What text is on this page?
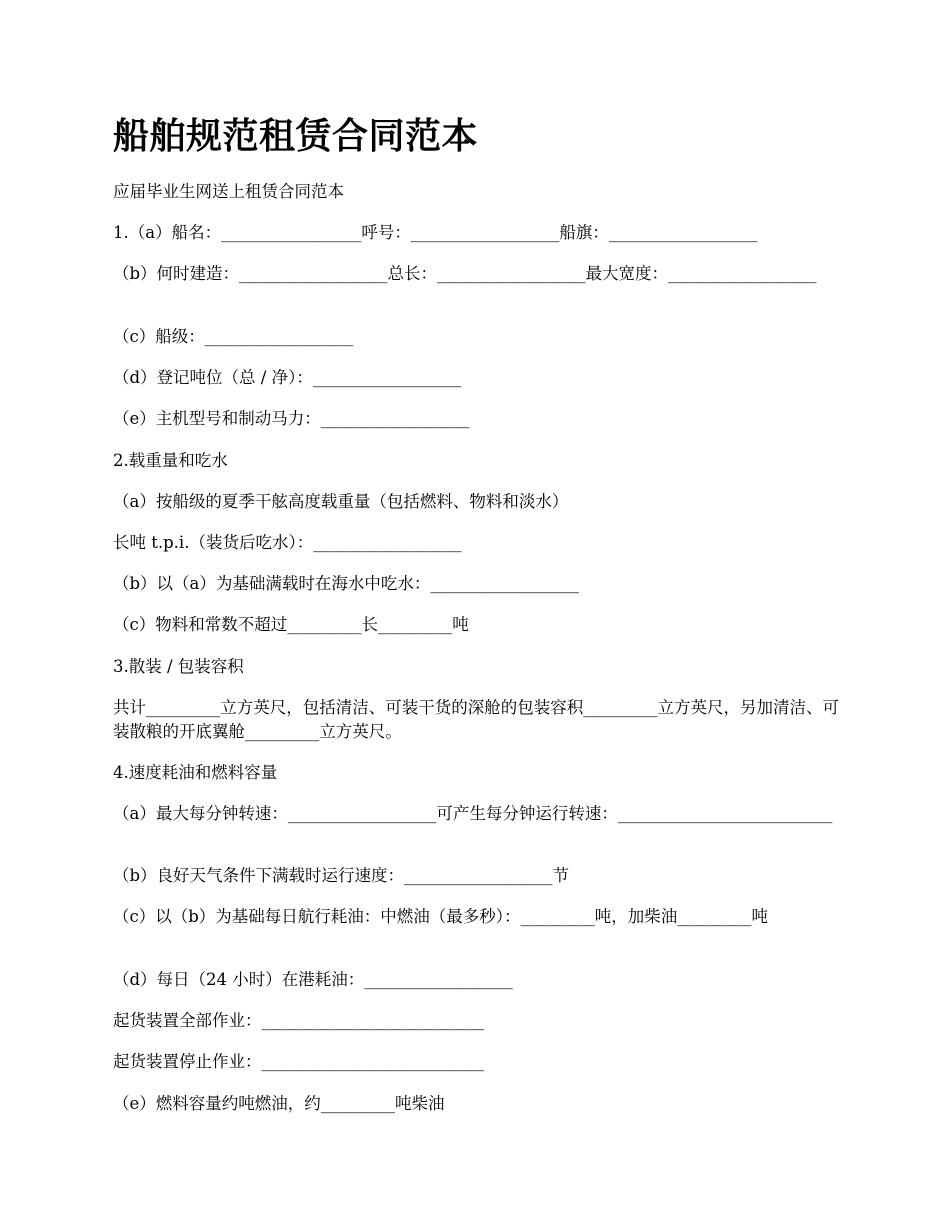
船舶规范租赁合同范本

应届毕业生网送上租赁合同范本

1.（a）船名：_________________呼号：__________________船旗：__________________

（b）何时建造：__________________总长：__________________最大宽度：__________________

（c）船级：__________________

（d）登记吨位（总 / 净）：__________________

（e）主机型号和制动马力：__________________

2.载重量和吃水

（a）按船级的夏季干舷高度载重量（包括燃料、物料和淡水）

长吨 t.p.i.（装货后吃水）：__________________

（b）以（a）为基础满载时在海水中吃水：__________________

（c）物料和常数不超过_________长_________吨

3.散装 / 包装容积

共计_________立方英尺，包括清洁、可装干货的深舱的包装容积_________立方英尺，另加清洁、可装散粮的开底翼舱_________立方英尺。

4.速度耗油和燃料容量

（a）最大每分钟转速：__________________可产生每分钟运行转速：__________________________

（b）良好天气条件下满载时运行速度：__________________节

（c）以（b）为基础每日航行耗油：中燃油（最多秒）：_________吨，加柴油_________吨

（d）每日（24 小时）在港耗油：__________________

起货装置全部作业：___________________________

起货装置停止作业：___________________________

（e）燃料容量约吨燃油，约_________吨柴油
